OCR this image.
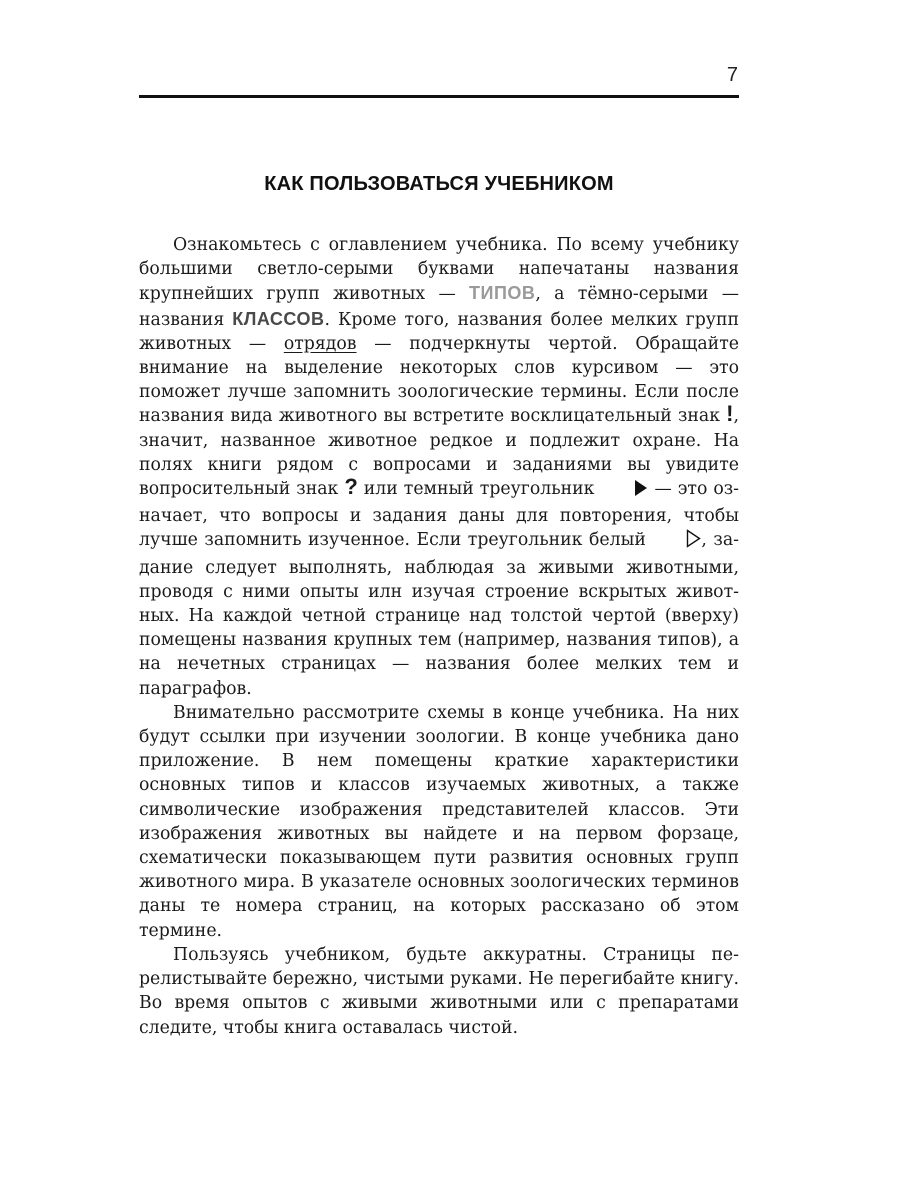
7
КАК ПОЛЬЗОВАТЬСЯ УЧЕБНИКОМ

Ознакомьтесь с оглавлением учебника. По всему учебнику большими светло-серыми буквами напечатаны названия крупнейших групп животных — ТИПОВ, а тёмно-серыми — названия КЛАССОВ. Кроме того, названия более мелких групп животных — отрядов — подчеркнуты чертой. Обращайте внимание на выделение некоторых слов курсивом — это поможет лучше запомнить зоологические термины. Если после названия вида животного вы встретите восклицательный знак !, значит, названное животное редкое и подлежит охране. На полях книги рядом с вопросами и заданиями вы увидите вопросительный знак ? или темный треугольник	— это означает, что вопросы и задания даны для повторения, чтобы лучше запомнить изученное. Если треугольник белый	, задание следует выполнять, наблюдая за живыми животными, проводя с ними опыты илн изучая строение вскрытых животных. На каждой четной странице над толстой чертой (вверху) помещены названия крупных тем (например, названия типов), а на нечетных страницах — названия более мелких тем и параграфов.

Внимательно рассмотрите схемы в конце учебника. На них будут ссылки при изучении зоологии. В конце учебника дано приложение. В нем помещены краткие характеристики основных типов и классов изучаемых животных, а также символические изображения представителей классов. Эти изображения животных вы найдете и на первом форзаце, схематически показывающем пути развития основных групп животного мира. В указателе основных зоологических терминов даны те номера страниц, на которых рассказано об этом термине.

Пользуясь учебником, будьте аккуратны. Страницы перелистывайте бережно, чистыми руками. Не перегибайте книгу. Во время опытов с живыми животными или с препаратами следите, чтобы книга оставалась чистой.
